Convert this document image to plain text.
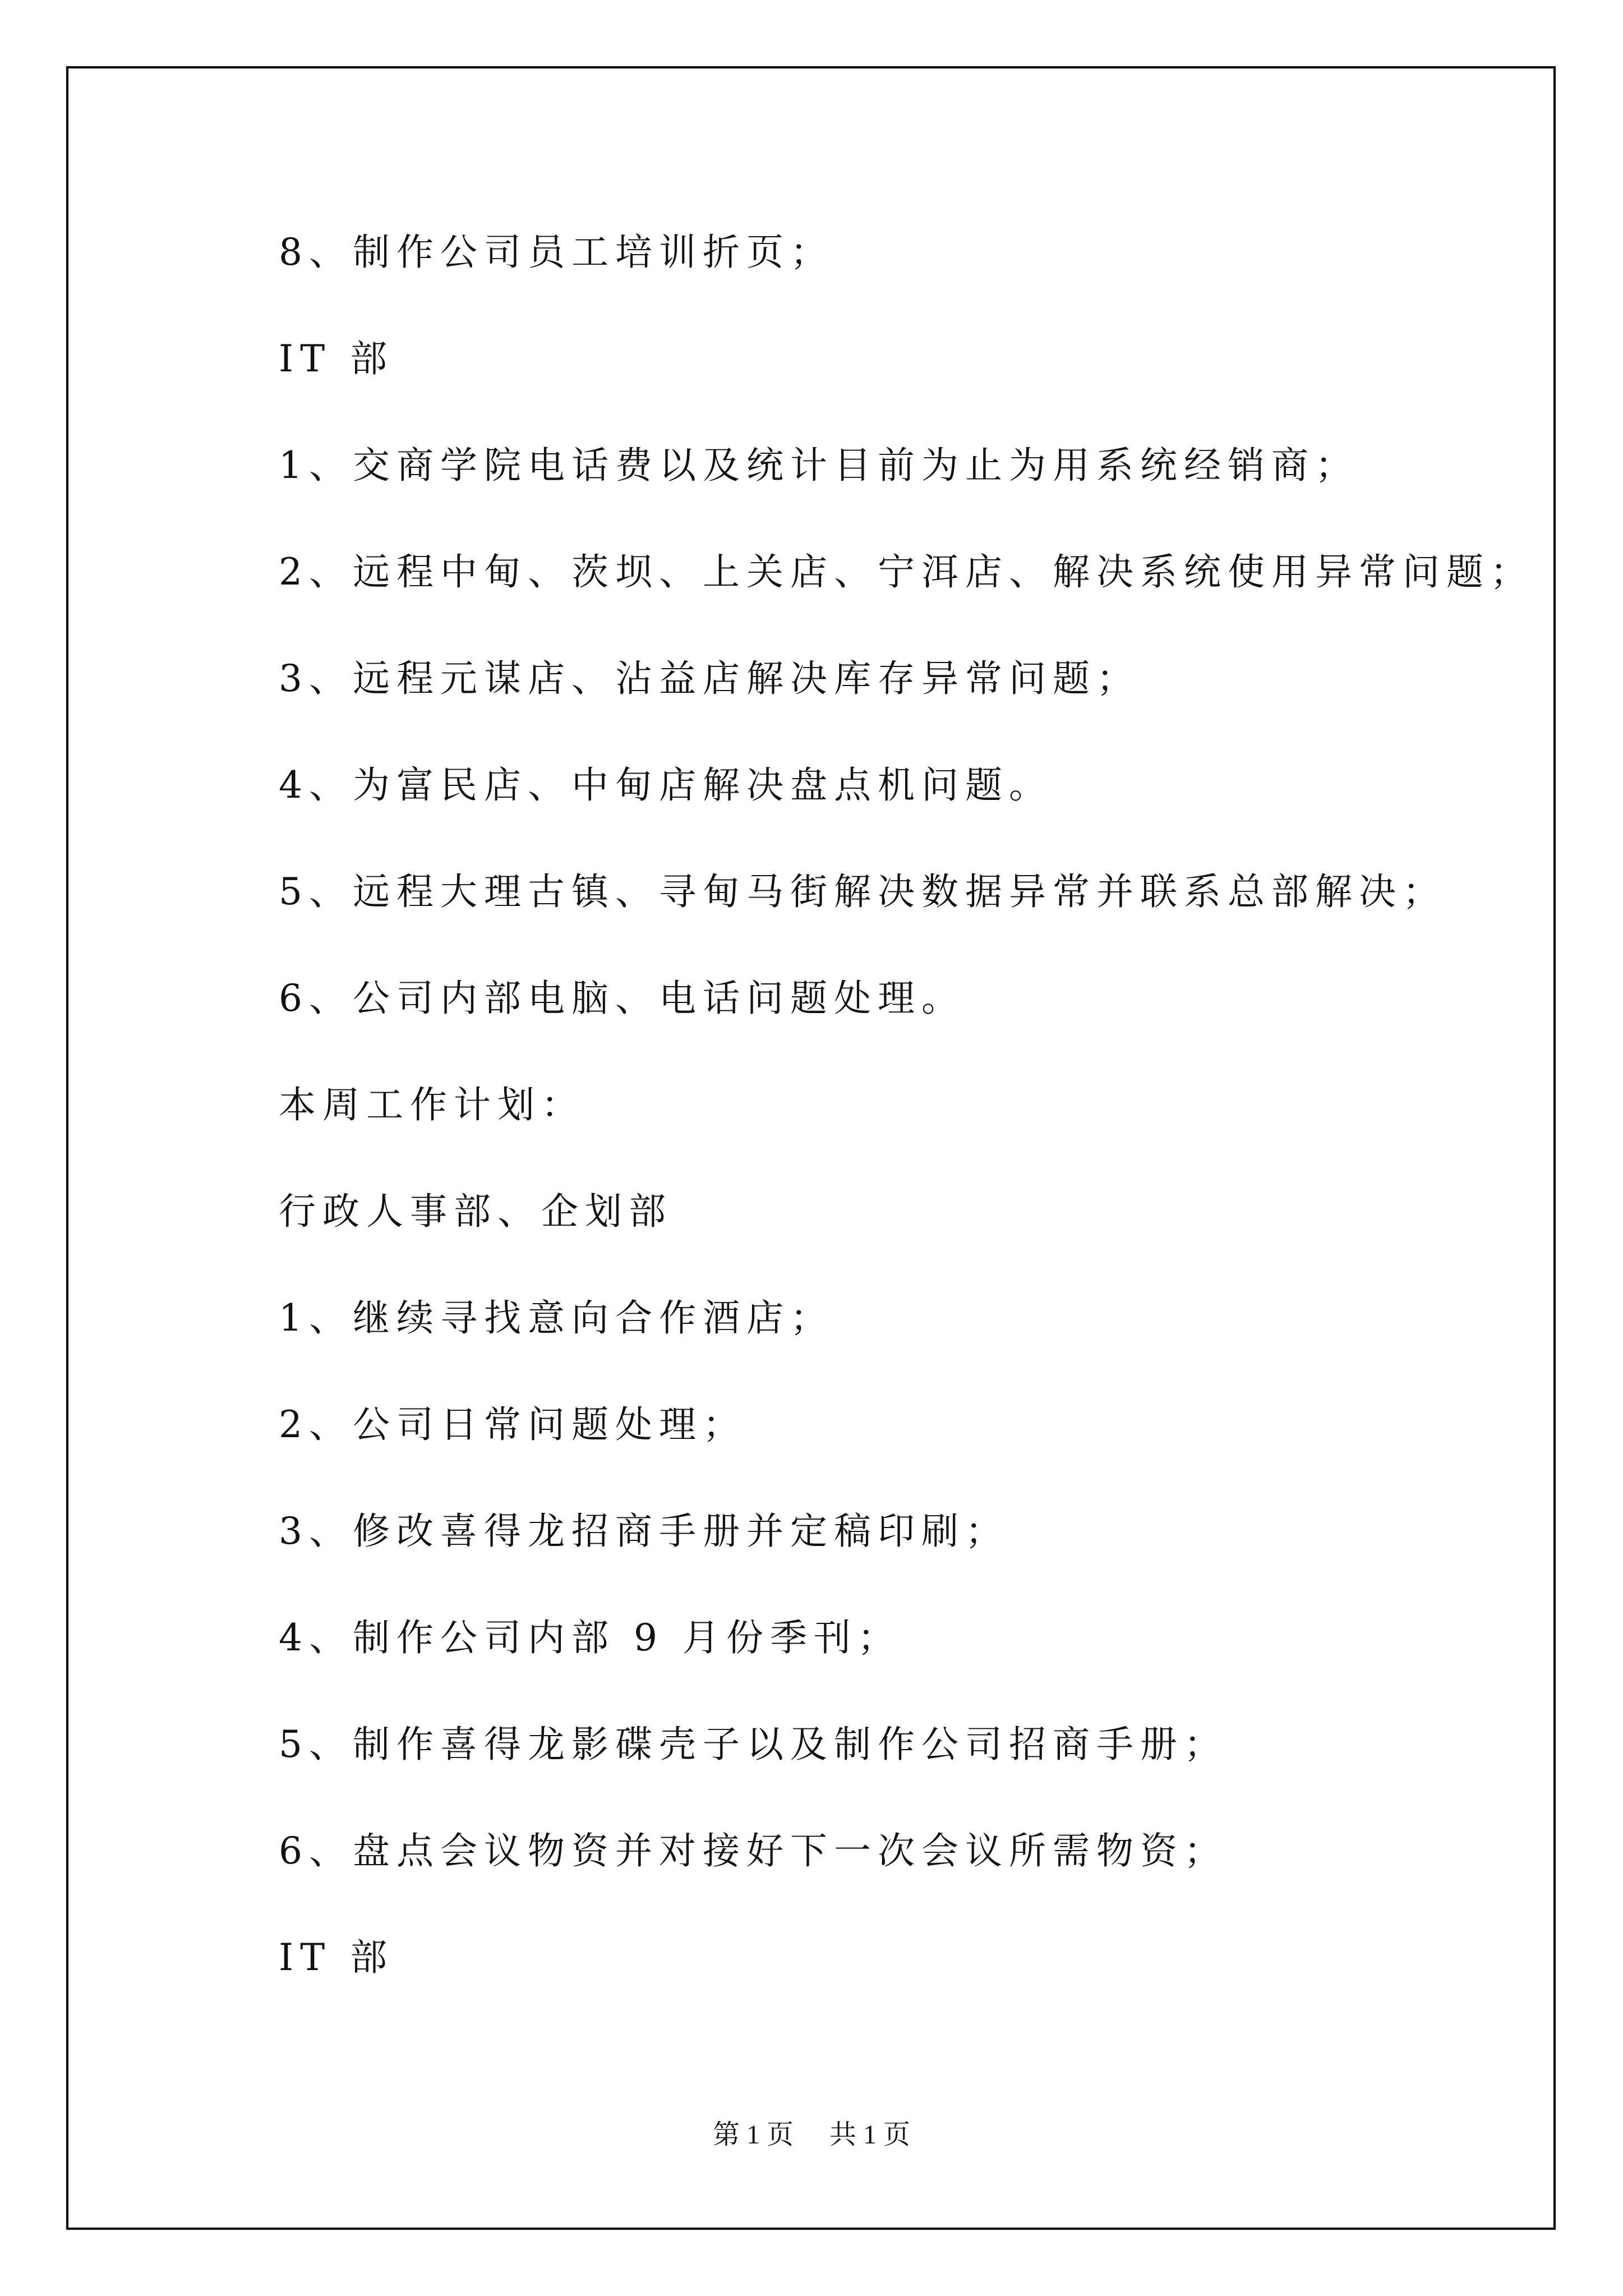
8、制作公司员工培训折页；
IT 部
1、交商学院电话费以及统计目前为止为用系统经销商；
2、远程中甸、茨坝、上关店、宁洱店、解决系统使用异常问题；
3、远程元谋店、沾益店解决库存异常问题；
4、为富民店、中甸店解决盘点机问题。
5、远程大理古镇、寻甸马街解决数据异常并联系总部解决；
6、公司内部电脑、电话问题处理。
本周工作计划：
行政人事部、企划部
1、继续寻找意向合作酒店；
2、公司日常问题处理；
3、修改喜得龙招商手册并定稿印刷；
4、制作公司内部 9 月份季刊；
5、制作喜得龙影碟壳子以及制作公司招商手册；
6、盘点会议物资并对接好下一次会议所需物资；
IT 部
第 1 页 共 1 页
